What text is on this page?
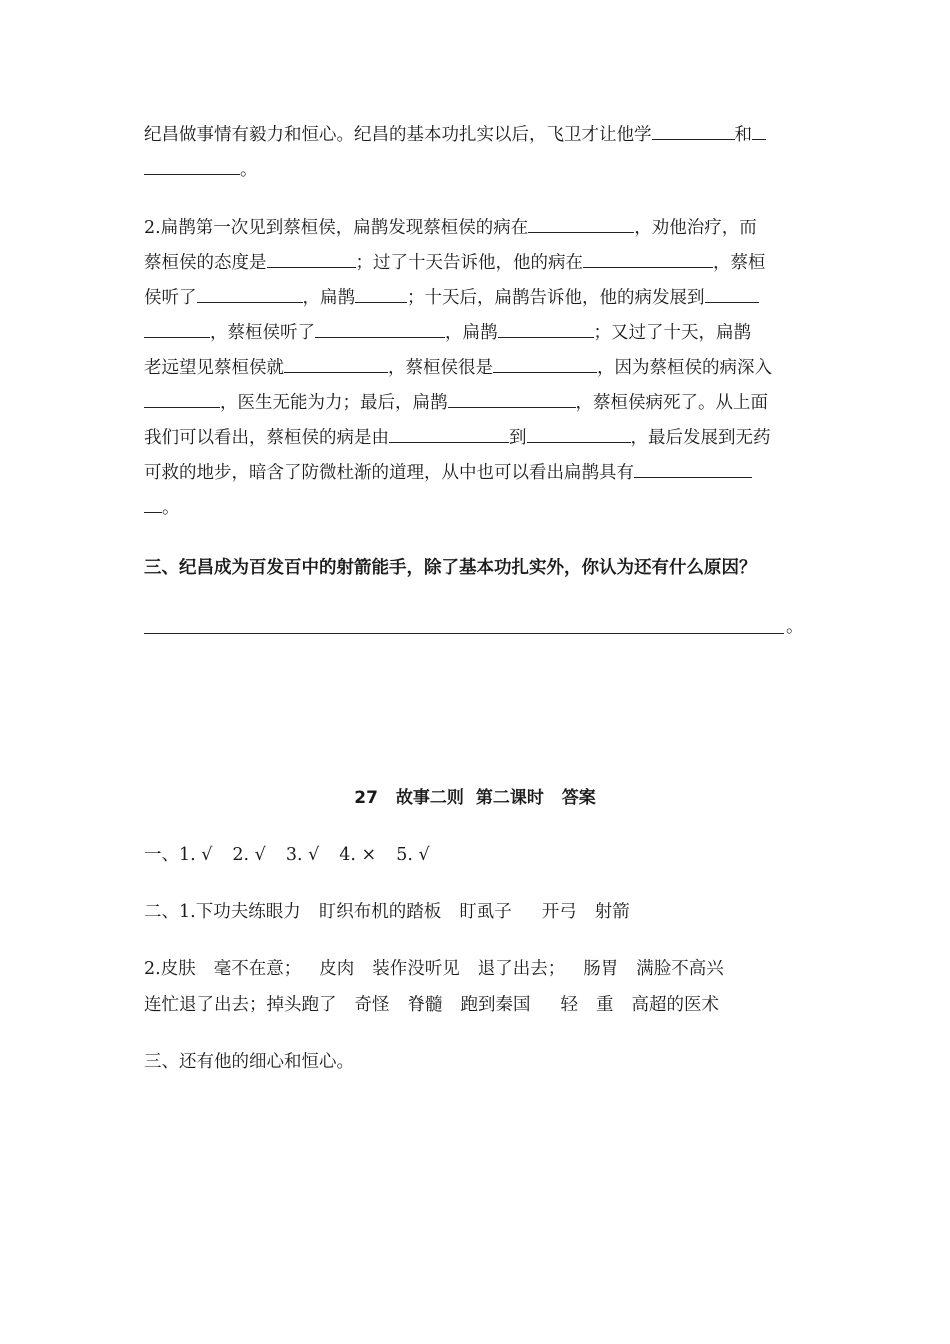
纪昌做事情有毅力和恒心。纪昌的基本功扎实以后，飞卫才让他学	和
。
2.扁鹊第一次见到蔡桓侯，扁鹊发现蔡桓侯的病在	，劝他治疗，而
蔡桓侯的态度是	；过了十天告诉他，他的病在	，蔡桓
侯听了	，扁鹊	；十天后，扁鹊告诉他，他的病发展到
，蔡桓侯听了	，扁鹊	；又过了十天，扁鹊
老远望见蔡桓侯就	，蔡桓侯很是	，因为蔡桓侯的病深入
，医生无能为力；最后，扁鹊	，蔡桓侯病死了。从上面
我们可以看出，蔡桓侯的病是由	到	，最后发展到无药
可救的地步，暗含了防微杜渐的道理，从中也可以看出扁鹊具有
。
三、纪昌成为百发百中的射箭能手，除了基本功扎实外，你认为还有什么原因？
。
27 故事二则 第二课时 答案
一、1. √ 2. √ 3. √ 4. × 5. √
二、1.下功夫练眼力 盯织布机的踏板 盯虱子 开弓 射箭
2.皮肤 毫不在意； 皮肉 装作没听见 退了出去； 肠胃 满脸不高兴
连忙退了出去；掉头跑了 奇怪 脊髓 跑到秦国 轻 重 高超的医术
三、还有他的细心和恒心。
